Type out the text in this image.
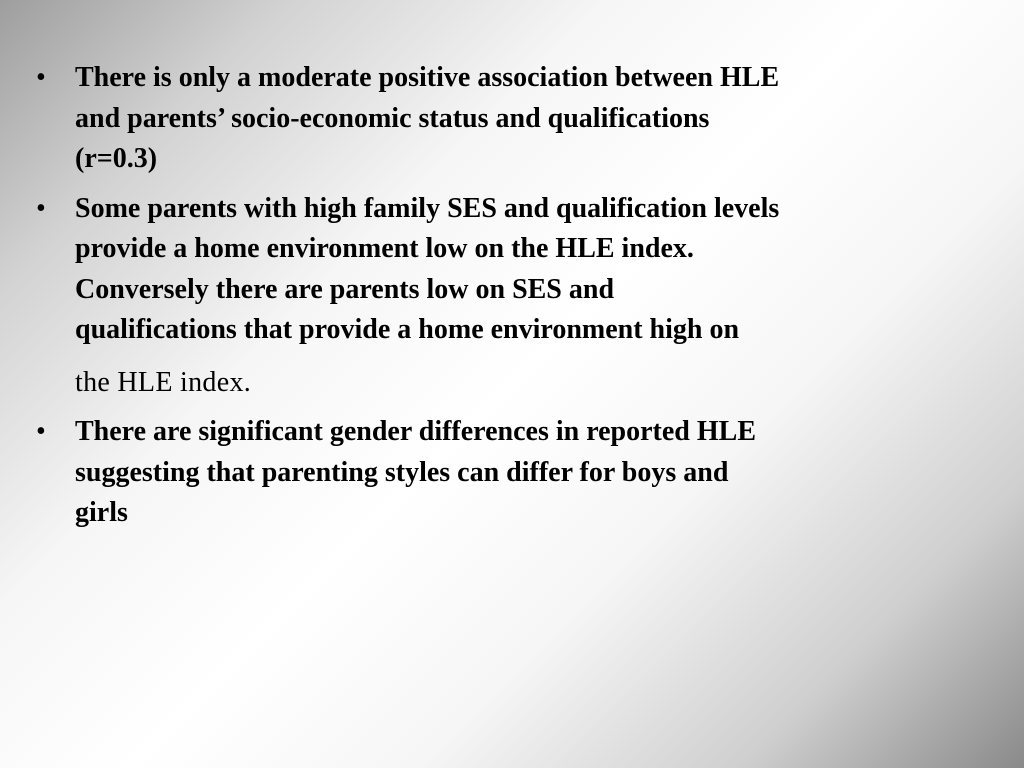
•	There is only a moderate positive association between HLE
and parents’ socio-economic status and qualifications
(r=0.3)

•	Some parents with high family SES and qualification levels
provide a home environment low on the HLE index.
Conversely there are parents low on SES and
qualifications that provide a home environment high on
the HLE index.

•	There are significant gender differences in reported HLE
suggesting that parenting styles can differ for boys and
girls
